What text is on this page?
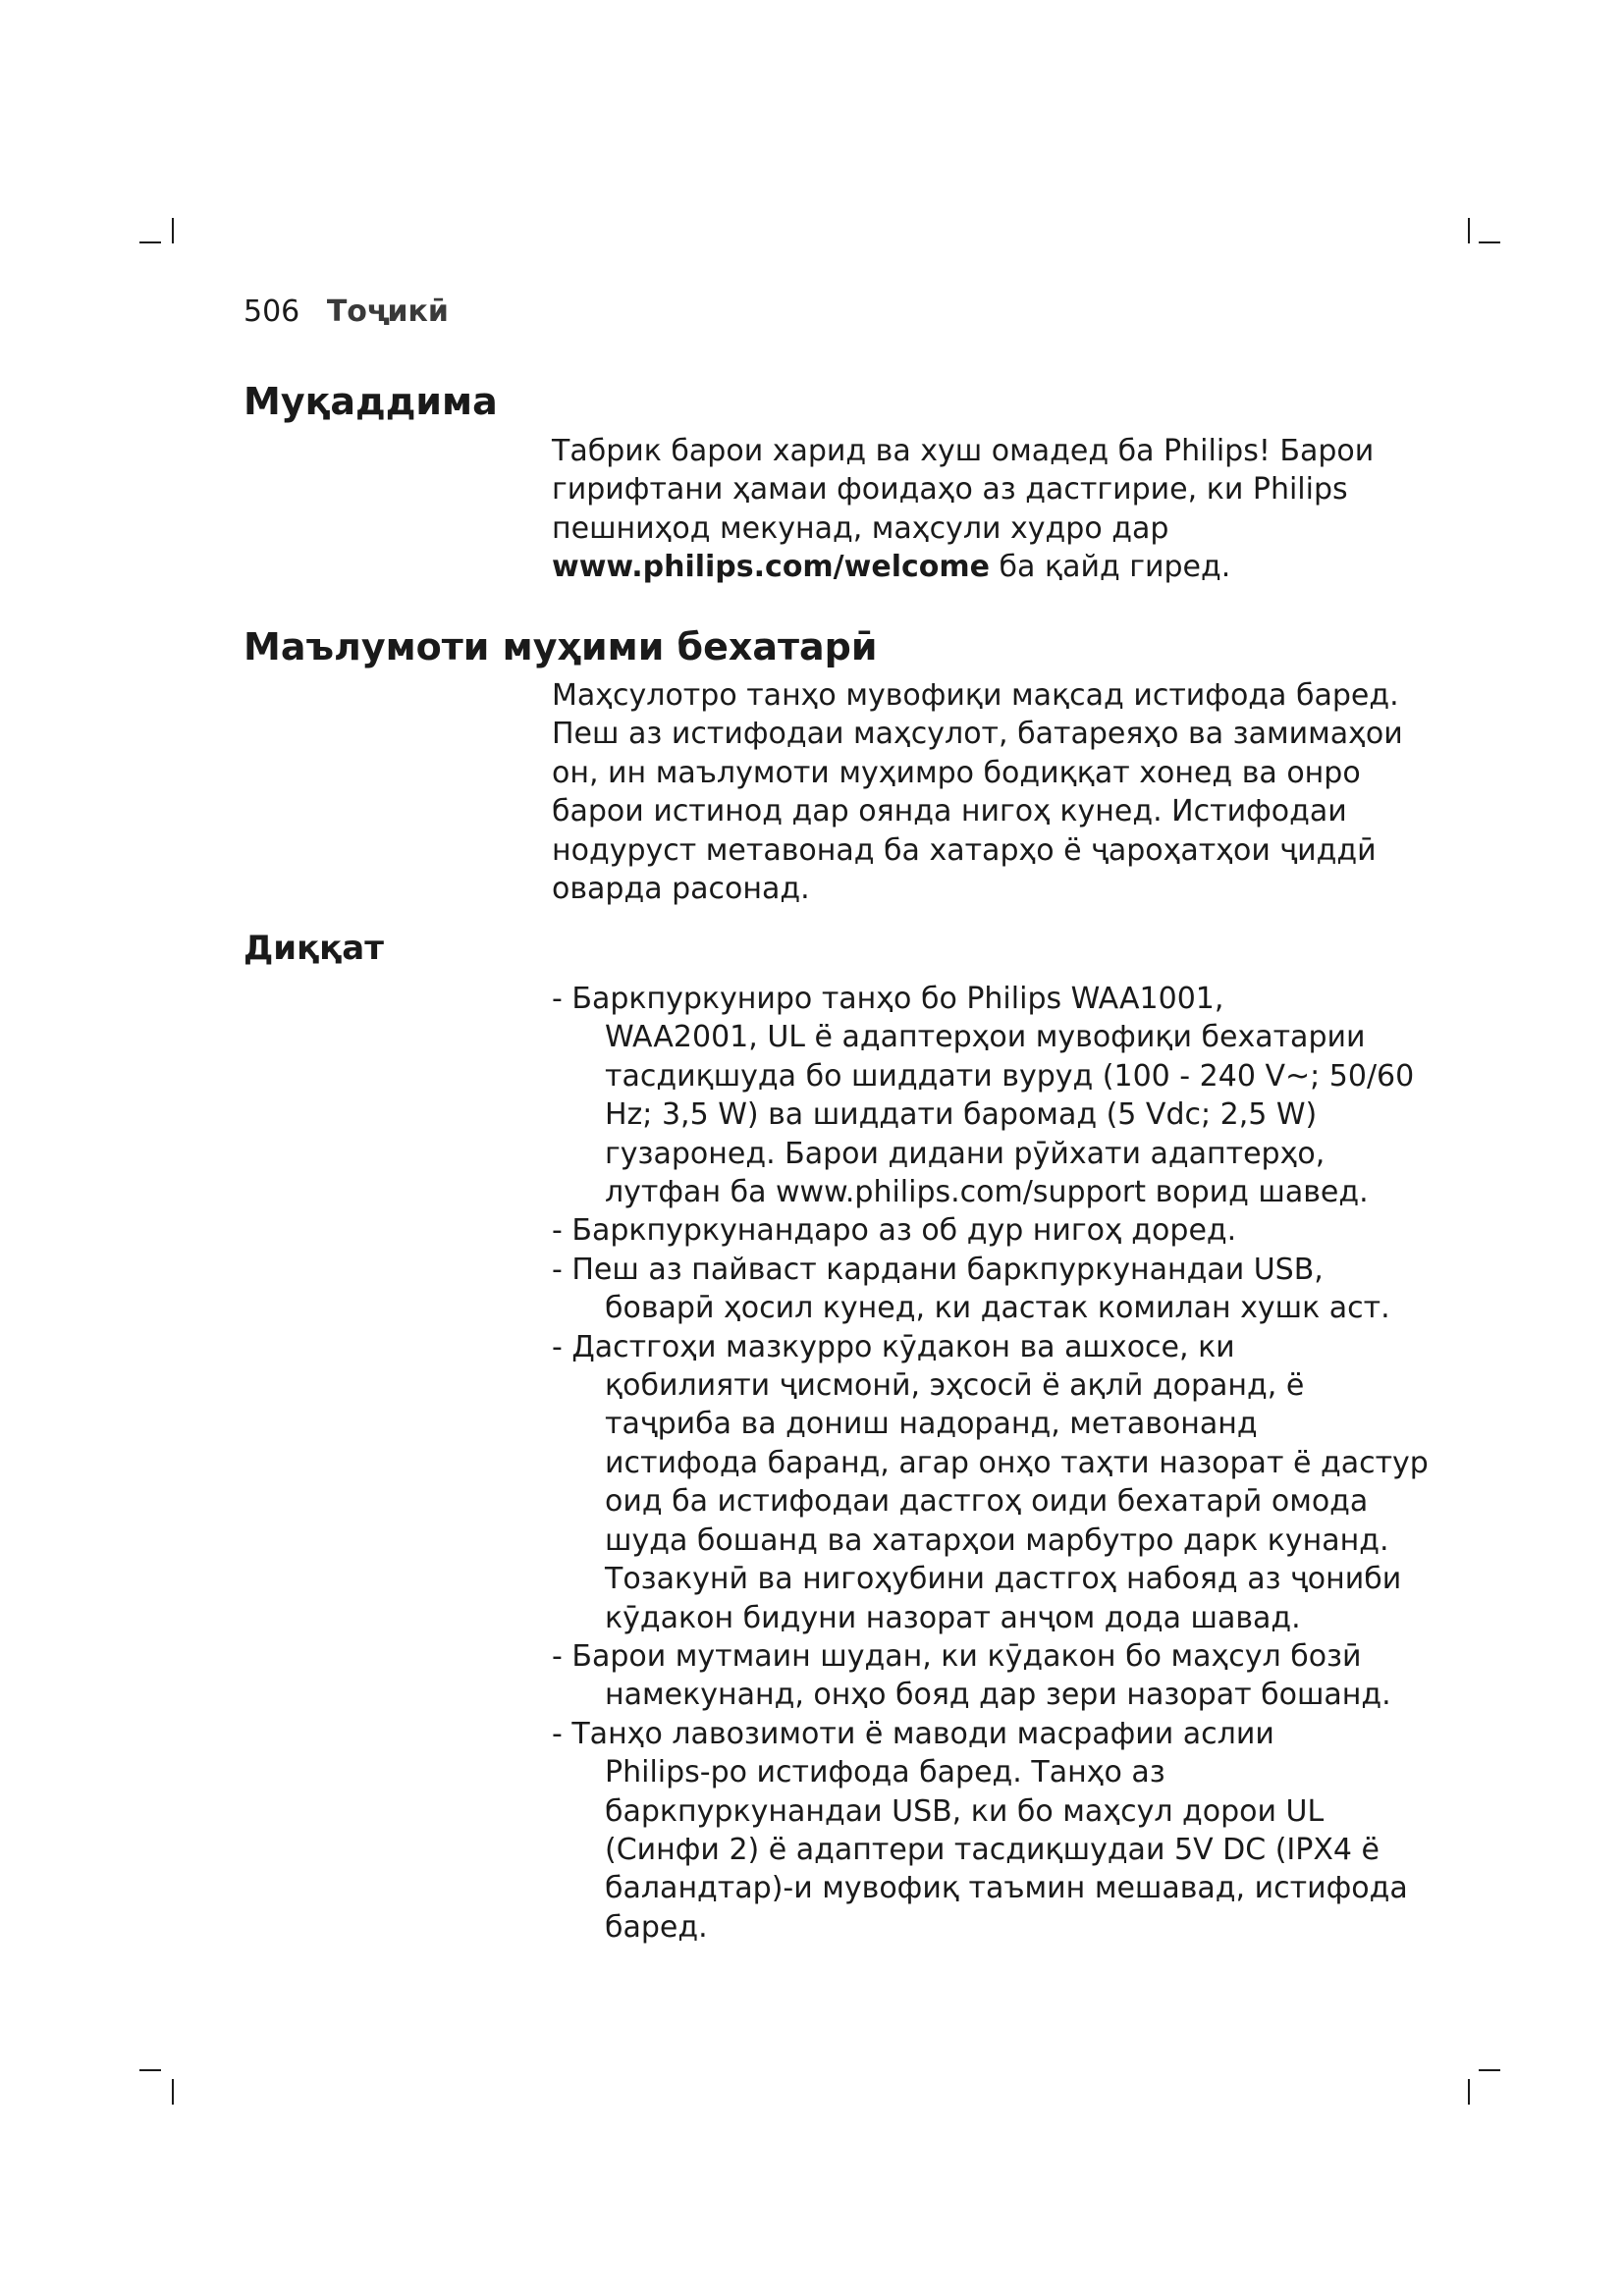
506 Тоҷикӣ
Муқаддима

Табрик барои харид ва хуш омадед ба Philips! Барои
гирифтани ҳамаи фоидаҳо аз дастгирие, ки Philips
пешниҳод мекунад, маҳсули худро дар
www.philips.com/welcome ба қайд гиред.

Маълумоти муҳими бехатарӣ

Маҳсулотро танҳо мувофиқи мақсад истифода баред.
Пеш аз истифодаи маҳсулот, батареяҳо ва замимаҳои
он, ин маълумоти муҳимро бодиққат хонед ва онро
барои истинод дар оянда нигоҳ кунед. Истифодаи
нодуруст метавонад ба хатарҳо ё ҷароҳатҳои ҷиддӣ
оварда расонад.

Диққат
- Баркпуркуниро танҳо бо Philips WAA1001,
WAA2001, UL ё адаптерҳои мувофиқи бехатарии
тасдиқшуда бо шиддати вуруд (100 - 240 V~; 50/60
Hz; 3,5 W) ва шиддати баромад (5 Vdc; 2,5 W)
гузаронед. Барои дидани рӯйхати адаптерҳо,
лутфан ба www.philips.com/support ворид шавед.
- Баркпуркунандаро аз об дур нигоҳ доред.
- Пеш аз пайваст кардани баркпуркунандаи USB,
боварӣ ҳосил кунед, ки дастак комилан хушк аст.
- Дастгоҳи мазкурро кӯдакон ва ашхосе, ки
қобилияти ҷисмонӣ, эҳсосӣ ё ақлӣ доранд, ё
таҷриба ва дониш надоранд, метавонанд
истифода баранд, агар онҳо таҳти назорат ё дастур
оид ба истифодаи дастгоҳ оиди бехатарӣ омода
шуда бошанд ва хатарҳои марбутро дарк кунанд.
Тозакунӣ ва нигоҳубини дастгоҳ набояд аз ҷониби
кӯдакон бидуни назорат анҷом дода шавад.
- Барои мутмаин шудан, ки кӯдакон бо маҳсул бозӣ
намекунанд, онҳо бояд дар зери назорат бошанд.
- Танҳо лавозимоти ё маводи масрафии аслии
Philips-ро истифода баред. Танҳо аз
баркпуркунандаи USB, ки бо маҳсул дорои UL
(Синфи 2) ё адаптери тасдиқшудаи 5V DC (IPX4 ё
баландтар)-и мувофиқ таъмин мешавад, истифода
баред.
